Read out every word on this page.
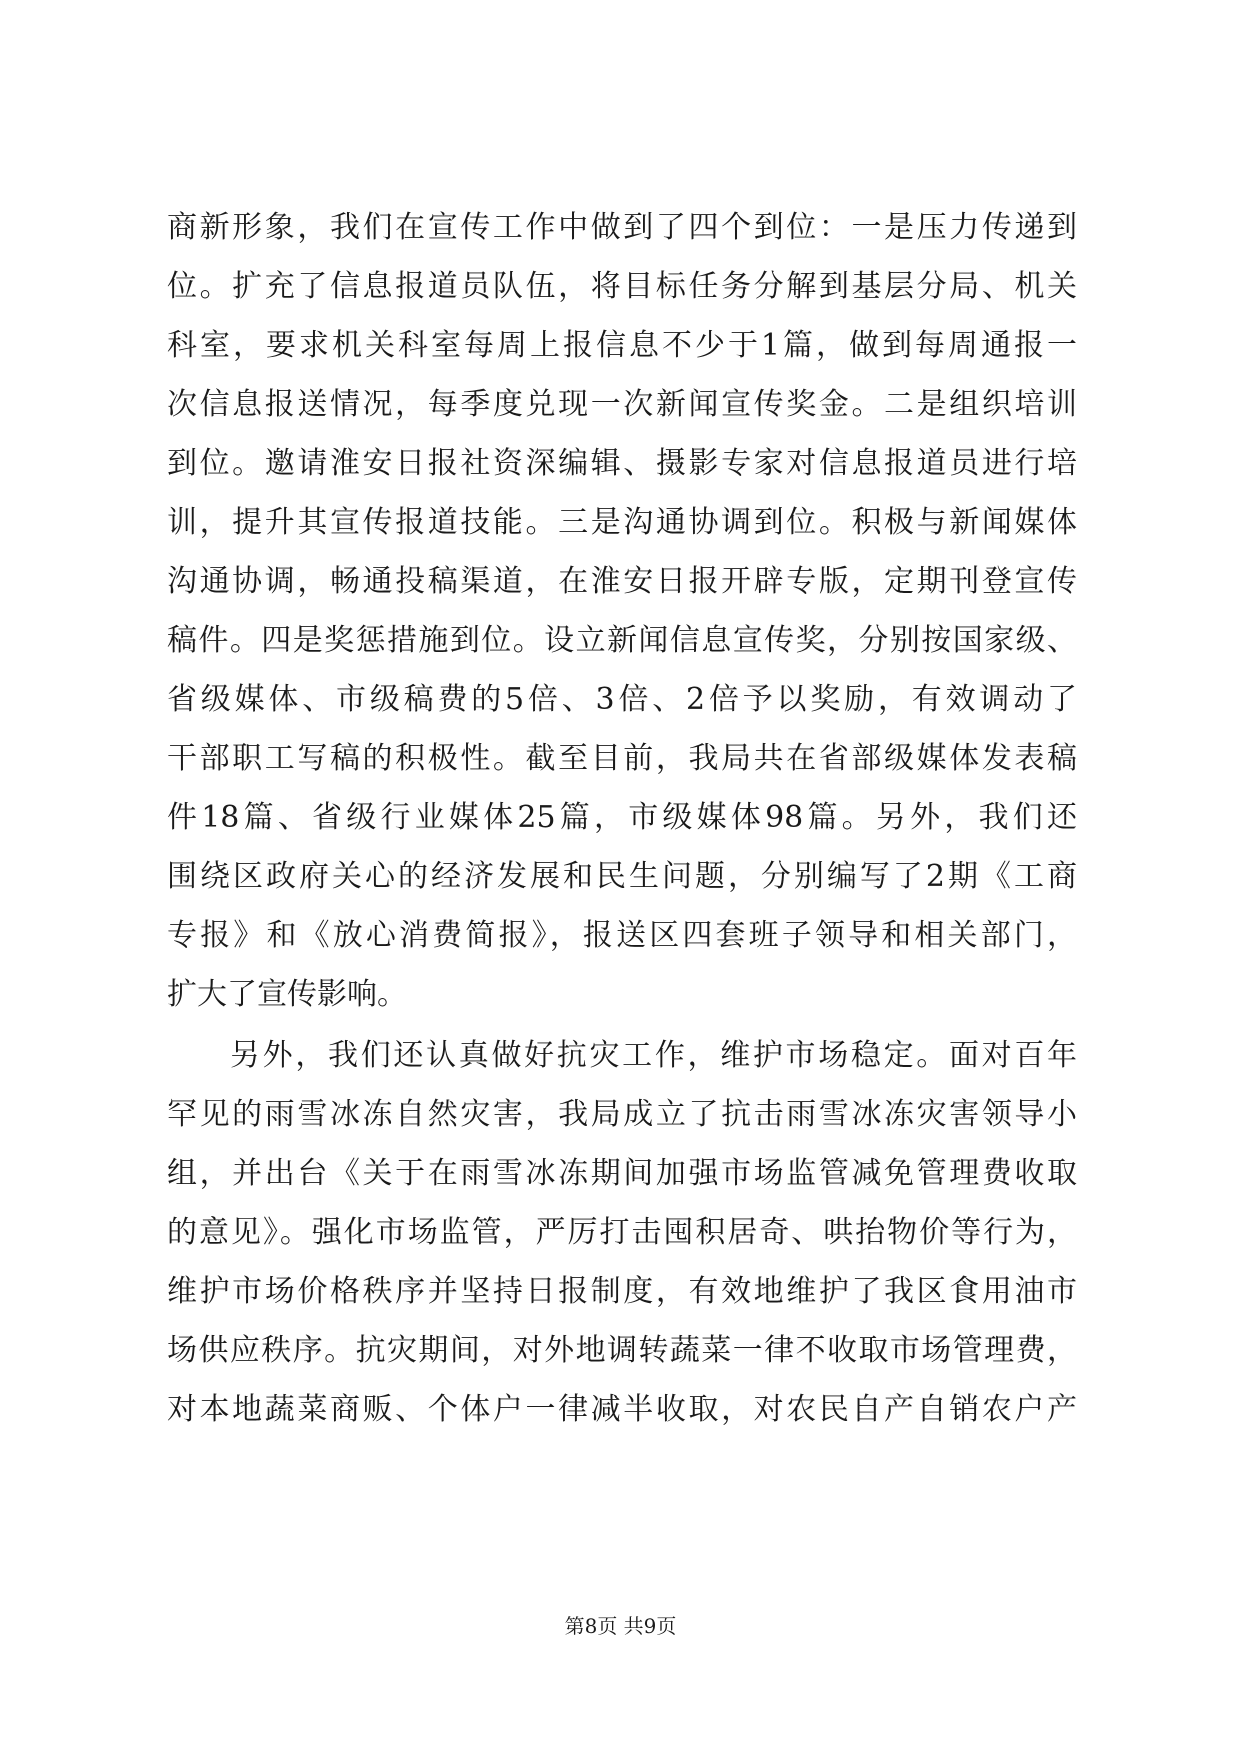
商新形象，我们在宣传工作中做到了四个到位：一是压力传递到
位。扩充了信息报道员队伍，将目标任务分解到基层分局、机关
科室，要求机关科室每周上报信息不少于1篇，做到每周通报一
次信息报送情况，每季度兑现一次新闻宣传奖金。二是组织培训
到位。邀请淮安日报社资深编辑、摄影专家对信息报道员进行培
训，提升其宣传报道技能。三是沟通协调到位。积极与新闻媒体
沟通协调，畅通投稿渠道，在淮安日报开辟专版，定期刊登宣传
稿件。四是奖惩措施到位。设立新闻信息宣传奖，分别按国家级、
省级媒体、市级稿费的5倍、3倍、2倍予以奖励，有效调动了
干部职工写稿的积极性。截至目前，我局共在省部级媒体发表稿
件18篇、省级行业媒体25篇，市级媒体98篇。另外，我们还
围绕区政府关心的经济发展和民生问题，分别编写了2期《工商
专报》和《放心消费简报》，报送区四套班子领导和相关部门，
扩大了宣传影响。
另外，我们还认真做好抗灾工作，维护市场稳定。面对百年
罕见的雨雪冰冻自然灾害，我局成立了抗击雨雪冰冻灾害领导小
组，并出台《关于在雨雪冰冻期间加强市场监管减免管理费收取
的意见》。强化市场监管，严厉打击囤积居奇、哄抬物价等行为，
维护市场价格秩序并坚持日报制度，有效地维护了我区食用油市
场供应秩序。抗灾期间，对外地调转蔬菜一律不收取市场管理费，
对本地蔬菜商贩、个体户一律减半收取，对农民自产自销农户产
第8页 共9页
